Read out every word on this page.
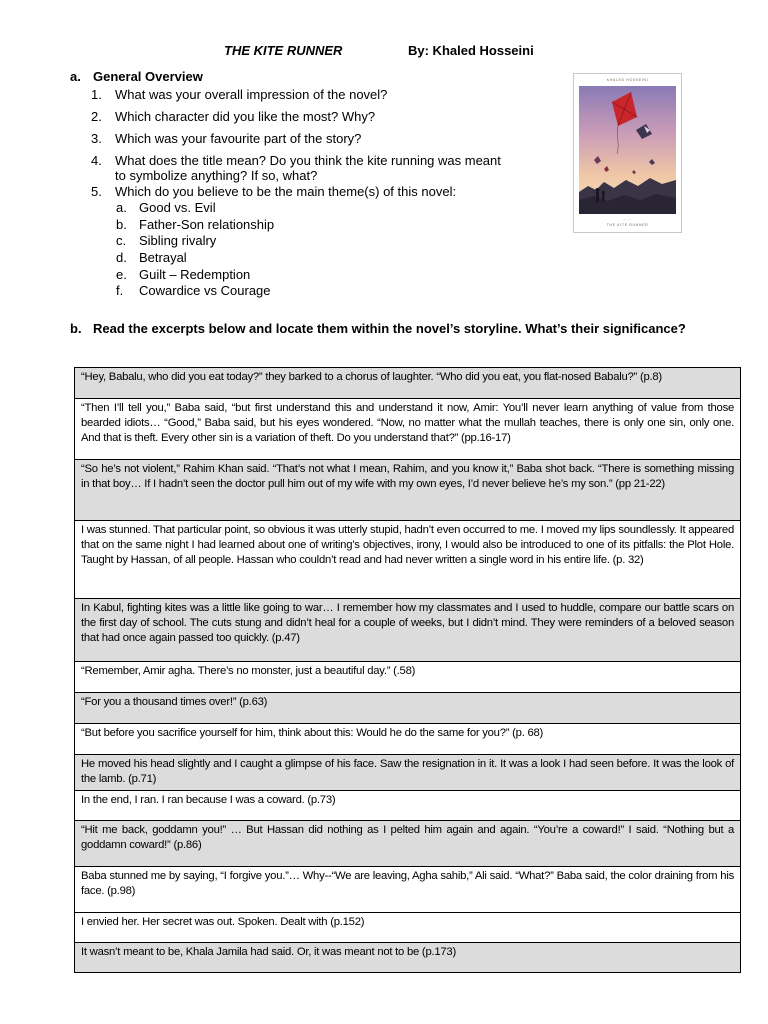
THE KITE RUNNER	By: Khaled Hosseini
a. General Overview
1. What was your overall impression of the novel?
2. Which character did you like the most? Why?
3. Which was your favourite part of the story?
4. What does the title mean? Do you think the kite running was meant to symbolize anything? If so, what?
5. Which do you believe to be the main theme(s) of this novel:
a. Good vs. Evil
b. Father-Son relationship
c. Sibling rivalry
d. Betrayal
e. Guilt – Redemption
f. Cowardice vs Courage
KHALED HOSSEINI
— · —
THE KITE RUNNER
b. Read the excerpts below and locate them within the novel’s storyline. What’s their significance?
“Hey, Babalu, who did you eat today?” they barked to a chorus of laughter. “Who did you eat, you flat-nosed Babalu?” (p.8)
“Then I’ll tell you,” Baba said, “but first understand this and understand it now, Amir: You’ll never learn anything of value from those bearded idiots… “Good,” Baba said, but his eyes wondered. “Now, no matter what the mullah teaches, there is only one sin, only one. And that is theft. Every other sin is a variation of theft. Do you understand that?” (pp.16-17)
“So he’s not violent,” Rahim Khan said. “That’s not what I mean, Rahim, and you know it,” Baba shot back. “There is something missing in that boy… If I hadn’t seen the doctor pull him out of my wife with my own eyes, I’d never believe he’s my son.” (pp 21-22)
I was stunned. That particular point, so obvious it was utterly stupid, hadn’t even occurred to me. I moved my lips soundlessly. It appeared that on the same night I had learned about one of writing’s objectives, irony, I would also be introduced to one of its pitfalls: the Plot Hole. Taught by Hassan, of all people. Hassan who couldn’t read and had never written a single word in his entire life. (p. 32)
In Kabul, fighting kites was a little like going to war… I remember how my classmates and I used to huddle, compare our battle scars on the first day of school. The cuts stung and didn’t heal for a couple of weeks, but I didn’t mind. They were reminders of a beloved season that had once again passed too quickly. (p.47)
“Remember, Amir agha. There’s no monster, just a beautiful day.” (.58)
“For you a thousand times over!” (p.63)
“But before you sacrifice yourself for him, think about this: Would he do the same for you?” (p. 68)
He moved his head slightly and I caught a glimpse of his face. Saw the resignation in it. It was a look I had seen before. It was the look of the lamb. (p.71)
In the end, I ran. I ran because I was a coward. (p.73)
“Hit me back, goddamn you!” … But Hassan did nothing as I pelted him again and again. “You’re a coward!” I said. “Nothing but a goddamn coward!” (p.86)
Baba stunned me by saying, “I forgive you.”… Why--“We are leaving, Agha sahib,” Ali said. “What?” Baba said, the color draining from his face. (p.98)
I envied her. Her secret was out. Spoken. Dealt with (p.152)
It wasn’t meant to be, Khala Jamila had said. Or, it was meant not to be (p.173)
